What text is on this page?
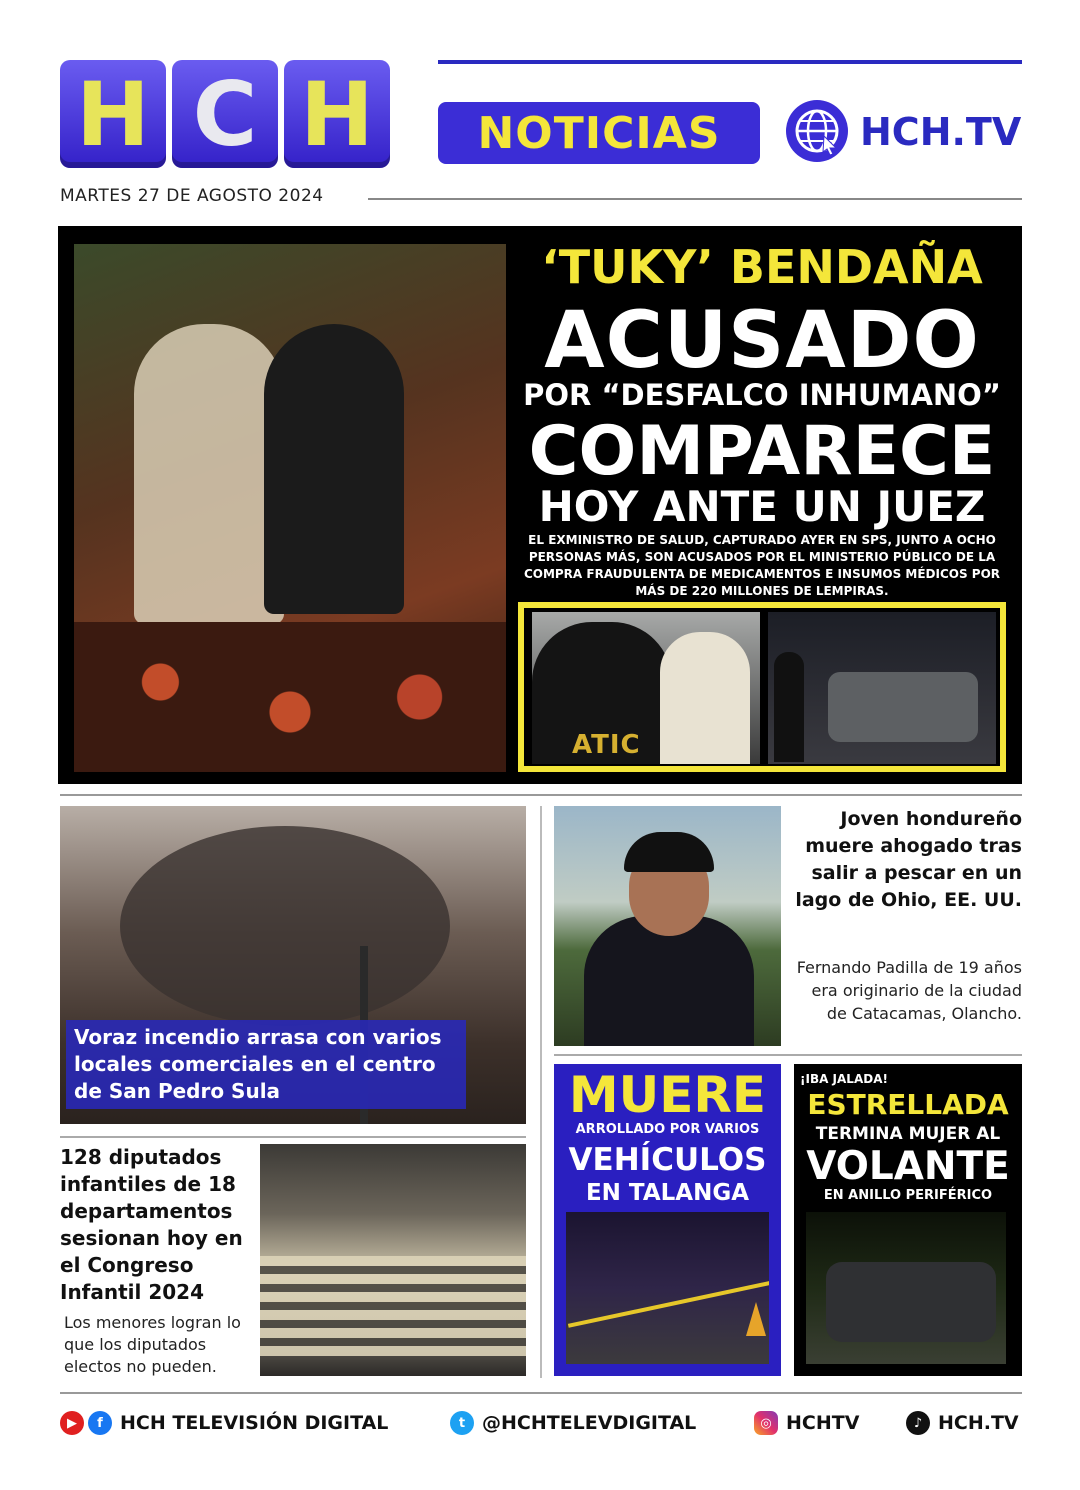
H C H	NOTICIAS	HCH.TV
MARTES 27 DE AGOSTO 2024
‘TUKY’ BENDAÑA
ACUSADO
POR “DESFALCO INHUMANO”
COMPARECE
HOY ANTE UN JUEZ
EL EXMINISTRO DE SALUD, CAPTURADO AYER EN SPS, JUNTO A OCHO PERSONAS MÁS, SON ACUSADOS POR EL MINISTERIO PÚBLICO DE LA COMPRA FRAUDULENTA DE MEDICAMENTOS E INSUMOS MÉDICOS POR MÁS DE 220 MILLONES DE LEMPIRAS.
ATIC
Voraz incendio arrasa con varios locales comerciales en el centro de San Pedro Sula
Joven hondureño muere ahogado tras salir a pescar en un lago de Ohio, EE. UU.
Fernando Padilla de 19 años era originario de la ciudad de Catacamas, Olancho.
128 diputados infantiles de 18 departamentos sesionan hoy en el Congreso Infantil 2024
Los menores logran lo que los diputados electos no pueden.
MUERE
ARROLLADO POR VARIOS
VEHÍCULOS
EN TALANGA
¡IBA JALADA!
ESTRELLADA
TERMINA MUJER AL
VOLANTE
EN ANILLO PERIFÉRICO
▶	f HCH TELEVISIÓN DIGITAL	t @HCHTELEVDIGITAL	◎ HCHTV	♪ HCH.TV
